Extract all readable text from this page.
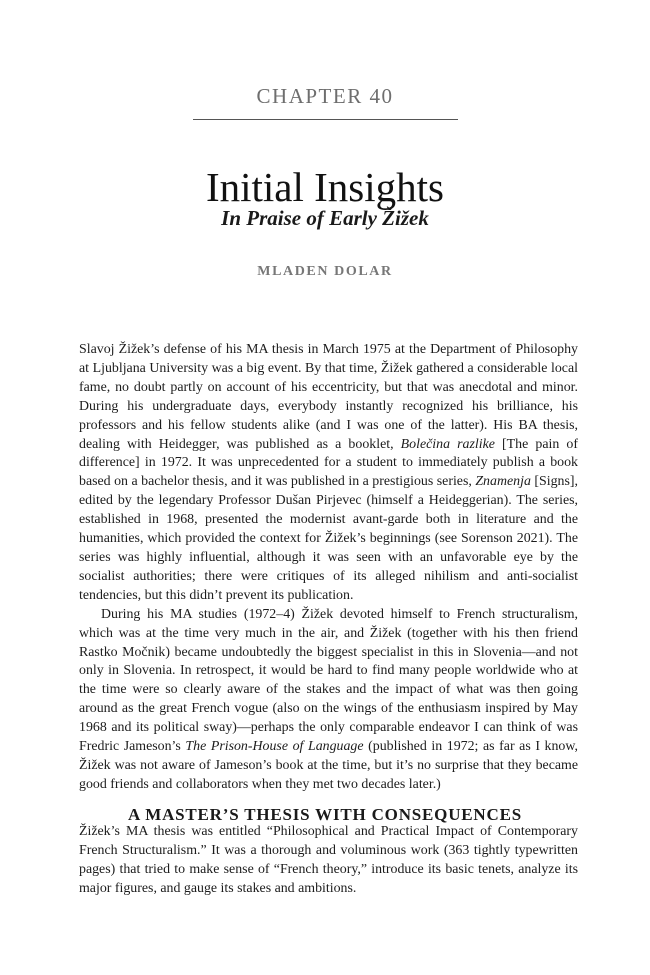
CHAPTER 40
Initial Insights
In Praise of Early Žižek
MLADEN DOLAR

Slavoj Žižek’s defense of his MA thesis in March 1975 at the Department of Philosophy at Ljubljana University was a big event. By that time, Žižek gathered a considerable local fame, no doubt partly on account of his eccentricity, but that was anecdotal and minor. During his undergraduate days, everybody instantly recognized his brilliance, his professors and his fellow students alike (and I was one of the latter). His BA thesis, dealing with Heidegger, was published as a booklet, Bolečina razlike [The pain of difference] in 1972. It was unprecedented for a student to immediately publish a book based on a bachelor thesis, and it was published in a prestigious series, Znamenja [Signs], edited by the legendary Professor Dušan Pirjevec (himself a Heideggerian). The series, established in 1968, presented the modernist avant-garde both in literature and the humanities, which provided the context for Žižek’s beginnings (see Sorenson 2021). The series was highly influential, although it was seen with an unfavorable eye by the socialist authorities; there were critiques of its alleged nihilism and anti-socialist tendencies, but this didn’t prevent its publication.

During his MA studies (1972–4) Žižek devoted himself to French structuralism, which was at the time very much in the air, and Žižek (together with his then friend Rastko Močnik) became undoubtedly the biggest specialist in this in Slovenia—and not only in Slovenia. In retrospect, it would be hard to find many people worldwide who at the time were so clearly aware of the stakes and the impact of what was then going around as the great French vogue (also on the wings of the enthusiasm inspired by May 1968 and its political sway)—perhaps the only comparable endeavor I can think of was Fredric Jameson’s The Prison-House of Language (published in 1972; as far as I know, Žižek was not aware of Jameson’s book at the time, but it’s no surprise that they became good friends and collaborators when they met two decades later.)

A MASTER’S THESIS WITH CONSEQUENCES

Žižek’s MA thesis was entitled “Philosophical and Practical Impact of Contemporary French Structuralism.” It was a thorough and voluminous work (363 tightly typewritten pages) that tried to make sense of “French theory,” introduce its basic tenets, analyze its major figures, and gauge its stakes and ambitions.
